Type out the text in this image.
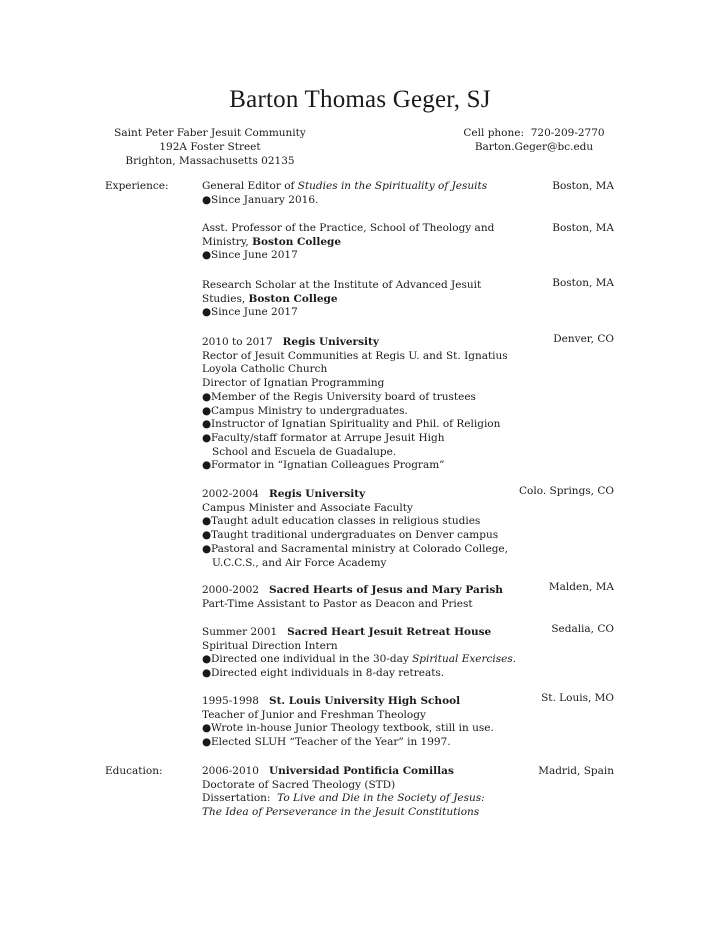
Barton Thomas Geger, SJ
Saint Peter Faber Jesuit Community
192A Foster Street
Brighton, Massachusetts 02135
Cell phone: 720-209-2770
Barton.Geger@bc.edu
Experience:	General Editor of Studies in the Spirituality of Jesuits
●Since January 2016.
Boston, MA
Asst. Professor of the Practice, School of Theology and
Ministry, Boston College
●Since June 2017
Boston, MA
Research Scholar at the Institute of Advanced Jesuit
Studies, Boston College
●Since June 2017
Boston, MA
2010 to 2017 Regis University
Rector of Jesuit Communities at Regis U. and St. Ignatius
Loyola Catholic Church
Director of Ignatian Programming
●Member of the Regis University board of trustees
●Campus Ministry to undergraduates.
●Instructor of Ignatian Spirituality and Phil. of Religion
●Faculty/staff formator at Arrupe Jesuit High
School and Escuela de Guadalupe.
●Formator in “Ignatian Colleagues Program”
Denver, CO
2002-2004 Regis University
Campus Minister and Associate Faculty
●Taught adult education classes in religious studies
●Taught traditional undergraduates on Denver campus
●Pastoral and Sacramental ministry at Colorado College,
U.C.C.S., and Air Force Academy
Colo. Springs, CO
2000-2002 Sacred Hearts of Jesus and Mary Parish
Part-Time Assistant to Pastor as Deacon and Priest
Malden, MA
Summer 2001 Sacred Heart Jesuit Retreat House
Spiritual Direction Intern
●Directed one individual in the 30-day Spiritual Exercises.
●Directed eight individuals in 8-day retreats.
Sedalia, CO
1995-1998 St. Louis University High School
Teacher of Junior and Freshman Theology
●Wrote in-house Junior Theology textbook, still in use.
●Elected SLUH “Teacher of the Year” in 1997.
St. Louis, MO
Education:	2006-2010 Universidad Pontificia Comillas
Doctorate of Sacred Theology (STD)
Dissertation: To Live and Die in the Society of Jesus:
The Idea of Perseverance in the Jesuit Constitutions
Madrid, Spain
